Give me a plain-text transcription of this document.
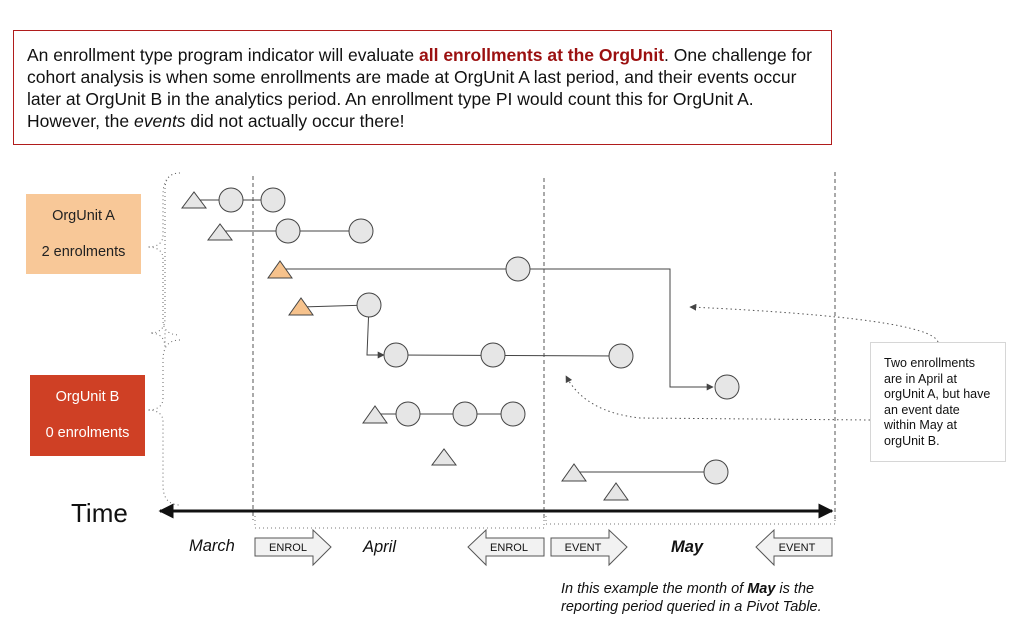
An enrollment type program indicator will evaluate all enrollments at the OrgUnit. One challenge for cohort analysis is when some enrollments are made at OrgUnit A last period, and their events occur later at OrgUnit B in the analytics period. An enrollment type PI would count this for OrgUnit A. However, the events did not actually occur there!
ENROL	ENROL	EVENT	EVENT
OrgUnit A
2 enrolments
OrgUnit B
0 enrolments
Time
March	April	May
Two enrollments are in April at orgUnit A, but have an event date within May at orgUnit B.
In this example the month of May is the
reporting period queried in a Pivot Table.
